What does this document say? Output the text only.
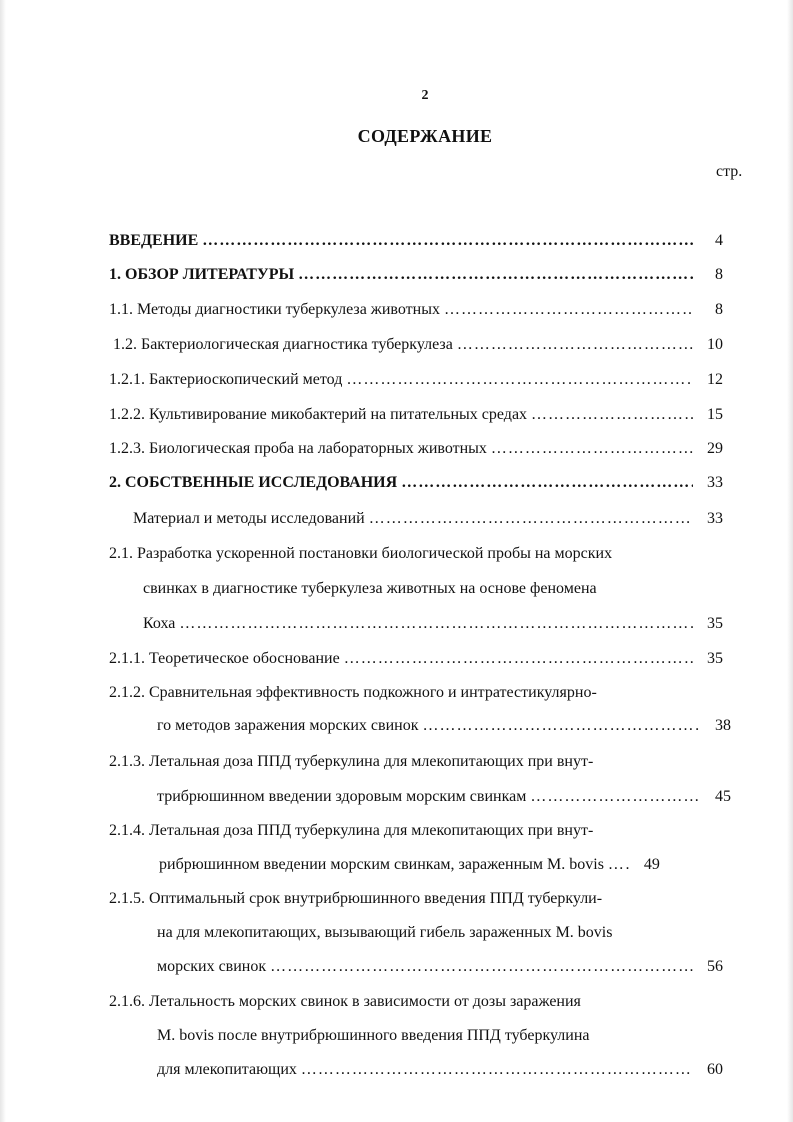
2
СОДЕРЖАНИЕ
стр.
ВВЕДЕНИЕ ……………………………………………………………………………………………………………………………………………………………………	4
1. ОБЗОР ЛИТЕРАТУРЫ ……………………………………………………………………………………………………………………………………………………………………	8
1.1. Методы диагностики туберкулеза животных ……………………………………………………………………………………………………………………………………………………………………	8
1.2. Бактериологическая диагностика туберкулеза ……………………………………………………………………………………………………………………………………………………………………	10
1.2.1. Бактериоскопический метод ……………………………………………………………………………………………………………………………………………………………………	12
1.2.2. Культивирование микобактерий на питательных средах ……………………………………………………………………………………………………………………………………………………………………	15
1.2.3. Биологическая проба на лабораторных животных ……………………………………………………………………………………………………………………………………………………………………	29
2. СОБСТВЕННЫЕ ИССЛЕДОВАНИЯ ……………………………………………………………………………………………………………………………………………………………………	33
Материал и методы исследований ……………………………………………………………………………………………………………………………………………………………………	33
2.1. Разработка ускоренной постановки биологической пробы на морских
свинках в диагностике туберкулеза животных на основе феномена
Коха ……………………………………………………………………………………………………………………………………………………………………	35
2.1.1. Теоретическое обоснование ……………………………………………………………………………………………………………………………………………………………………	35
2.1.2. Сравнительная эффективность подкожного и интратестикулярно-
го методов заражения морских свинок ……………………………………………………………………………………………………………………………………………………………………	38
2.1.3. Летальная доза ППД туберкулина для млекопитающих при внут-
трибрюшинном введении здоровым морским свинкам ……………………………………………………………………………………………………………………………………………………………………	45
2.1.4. Летальная доза ППД туберкулина для млекопитающих при внут-
рибрюшинном введении морским свинкам, зараженным M. bovis ……………………………………………………………………………………………………………………………………………………………………	49
2.1.5. Оптимальный срок внутрибрюшинного введения ППД туберкули-
на для млекопитающих, вызывающий гибель зараженных M. bovis
морских свинок ……………………………………………………………………………………………………………………………………………………………………	56
2.1.6. Летальность морских свинок в зависимости от дозы заражения
M. bovis после внутрибрюшинного введения ППД туберкулина
для млекопитающих ……………………………………………………………………………………………………………………………………………………………………	60
